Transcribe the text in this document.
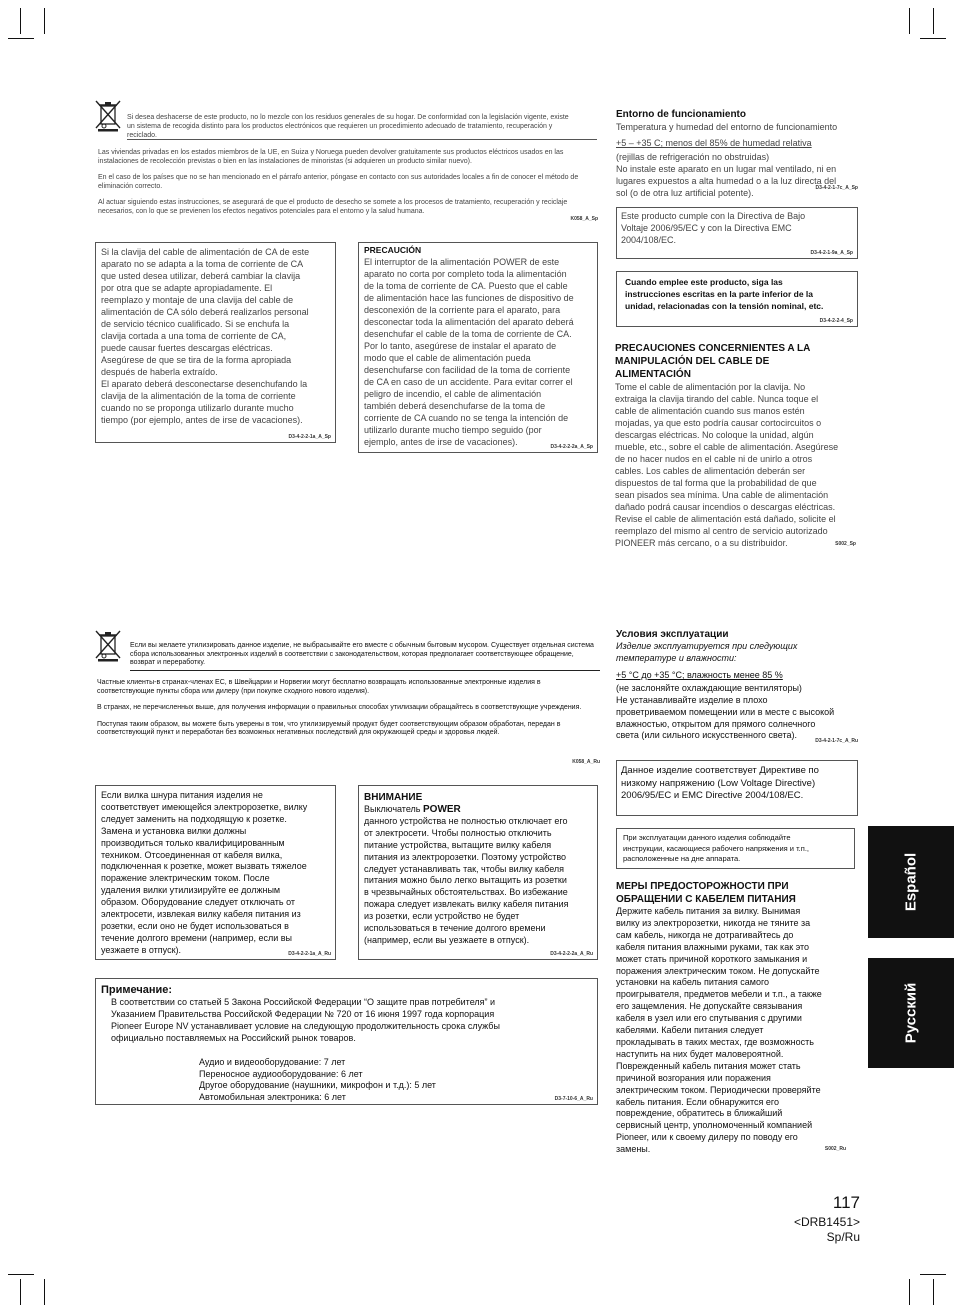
Si desea deshacerse de este producto, no lo mezcle con los residuos generales de su hogar. De conformidad con la legislación vigente, existe un sistema de recogida distinto para los productos electrónicos que requieren un procedimiento adecuado de tratamiento, recuperación y reciclado.

Las viviendas privadas en los estados miembros de la UE, en Suiza y Noruega pueden devolver gratuitamente sus productos eléctricos usados en las instalaciones de recolección previstas o bien en las instalaciones de minoristas (si adquieren un producto similar nuevo).

En el caso de los países que no se han mencionado en el párrafo anterior, póngase en contacto con sus autoridades locales a fin de conocer el método de eliminación correcto.

Al actuar siguiendo estas instrucciones, se asegurará de que el producto de desecho se somete a los procesos de tratamiento, recuperación y reciclaje necesarios, con lo que se previenen los efectos negativos potenciales para el entorno y la salud humana.

K058_A_Sp

Si la clavija del cable de alimentación de CA de este
aparato no se adapta a la toma de corriente de CA
que usted desea utilizar, deberá cambiar la clavija
por otra que se adapte apropiadamente. El
reemplazo y montaje de una clavija del cable de
alimentación de CA sólo deberá realizarlos personal
de servicio técnico cualificado. Si se enchufa la
clavija cortada a una toma de corriente de CA,
puede causar fuertes descargas eléctricas.
Asegúrese de que se tira de la forma apropiada
después de haberla extraído.
El aparato deberá desconectarse desenchufando la
clavija de la alimentación de la toma de corriente
cuando no se proponga utilizarlo durante mucho
tiempo (por ejemplo, antes de irse de vacaciones).

D3-4-2-2-1a_A_Sp
PRECAUCIÓN

El interruptor de la alimentación POWER de este
aparato no corta por completo toda la alimentación
de la toma de corriente de CA. Puesto que el cable
de alimentación hace las funciones de dispositivo de
desconexión de la corriente para el aparato, para
desconectar toda la alimentación del aparato deberá
desenchufar el cable de la toma de corriente de CA.
Por lo tanto, asegúrese de instalar el aparato de
modo que el cable de alimentación pueda
desenchufarse con facilidad de la toma de corriente
de CA en caso de un accidente. Para evitar correr el
peligro de incendio, el cable de alimentación
también deberá desenchufarse de la toma de
corriente de CA cuando no se tenga la intención de
utilizarlo durante mucho tiempo seguido (por
ejemplo, antes de irse de vacaciones).	D3-4-2-2-2a_A_Sp
Entorno de funcionamiento
Temperatura y humedad del entorno de funcionamiento
+5 – +35 C; menos del 85% de humedad relativa

(rejillas de refrigeración no obstruidas)
No instale este aparato en un lugar mal ventilado, ni en
lugares expuestos a alta humedad o a la luz directa del
sol (o de otra luz artificial potente).	D3-4-2-1-7c_A_Sp

Este producto cumple con la Directiva de Bajo
Voltaje 2006/95/EC y con la Directiva EMC
2004/108/EC.

D3-4-2-1-9a_A_Sp

Cuando emplee este producto, siga las
instrucciones escritas en la parte inferior de la
unidad, relacionadas con la tensión nominal, etc.

D3-4-2-2-4_Sp

PRECAUCIONES CONCERNIENTES A LA
MANIPULACIÓN DEL CABLE DE
ALIMENTACIÓN

Tome el cable de alimentación por la clavija. No
extraiga la clavija tirando del cable. Nunca toque el
cable de alimentación cuando sus manos estén
mojadas, ya que esto podría causar cortocircuitos o
descargas eléctricas. No coloque la unidad, algún
mueble, etc., sobre el cable de alimentación. Asegúrese
de no hacer nudos en el cable ni de unirlo a otros
cables. Los cables de alimentación deberán ser
dispuestos de tal forma que la probabilidad de que
sean pisados sea mínima. Una cable de alimentación
dañado podrá causar incendios o descargas eléctricas.
Revise el cable de alimentación está dañado, solicite el
reemplazo del mismo al centro de servicio autorizado
PIONEER más cercano, o a su distribuidor.	S002_Sp

Если вы желаете утилизировать данное изделие, не выбрасывайте его вместе с обычным бытовым мусором. Существует отдельная система сбора использованных электронных изделий в соответствии с законодательством, которая предполагает соответствующее обращение, возврат и переработку.

Частные клиенты-в странах-членах ЕС, в Швейцарии и Норвегии могут бесплатно возвращать использованные электронные изделия в соответствующие пункты сбора или дилеру (при покупке сходного нового изделия).

В странах, не перечисленных выше, для получения информации о правильных способах утилизации обращайтесь в соответствующие учреждения.

Поступая таким образом, вы можете быть уверены в том, что утилизируемый продукт будет соответствующим образом обработан, передан в соответствующий пункт и переработан без возможных негативных последствий для окружающей среды и здоровья людей.

K058_A_Ru

Если вилка шнура питания изделия не
соответствует имеющейся электророзетке, вилку
следует заменить на подходящую к розетке.
Замена и установка вилки должны
производиться только квалифицированным
техником. Отсоединенная от кабеля вилка,
подключенная к розетке, может вызвать тяжелое
поражение электрическим током. После
удаления вилки утилизируйте ее должным
образом. Оборудование следует отключать от
электросети, извлекая вилку кабеля питания из
розетки, если оно не будет использоваться в
течение долгого времени (например, если вы
уезжаете в отпуск).	D3-4-2-2-1a_A_Ru
ВНИМАНИЕ
Выключатель POWER

данного устройства не полностью отключает его
от электросети. Чтобы полностью отключить
питание устройства, вытащите вилку кабеля
питания из электророзетки. Поэтому устройство
следует устанавливать так, чтобы вилку кабеля
питания можно было легко вытащить из розетки
в чрезвычайных обстоятельствах. Во избежание
пожара следует извлекать вилку кабеля питания
из розетки, если устройство не будет
использоваться в течение долгого времени
(например, если вы уезжаете в отпуск).

D3-4-2-2-2a_A_Ru
Условия эксплуатации

Изделие эксплуатируется при следующих
температуре и влажности:

+5 °C до +35 °C; влажность менее 85 %

(не заслоняйте охлаждающие вентиляторы)
Не устанавливайте изделие в плохо
проветриваемом помещении или в месте с высокой
влажностью, открытом для прямого солнечного
света (или сильного искусственного света).

D3-4-2-1-7c_A_Ru

Данное изделие соответствует Директиве по
низкому напряжению (Low Voltage Directive)
2006/95/EC и EMC Directive 2004/108/EC.

При эксплуатации данного изделия соблюдайте
инструкции, касающиеся рабочего напряжения и т.п.,
расположенные на дне аппарата.

МЕРЫ ПРЕДОСТОРОЖНОСТИ ПРИ
ОБРАЩЕНИИ С КАБЕЛЕМ ПИТАНИЯ

Держите кабель питания за вилку. Вынимая
вилку из электророзетки, никогда не тяните за
сам кабель, никогда не дотрагивайтесь до
кабеля питания влажными руками, так как это
может стать причиной короткого замыкания и
поражения электрическим током. Не допускайте
установки на кабель питания самого
проигрывателя, предметов мебели и т.п., а также
его защемления. Не допускайте связывания
кабеля в узел или его спутывания с другими
кабелями. Кабели питания следует
прокладывать в таких местах, где возможность
наступить на них будет маловероятной.
Поврежденный кабель питания может стать
причиной возгорания или поражения
электрическим током. Периодически проверяйте
кабель питания. Если обнаружится его
повреждение, обратитесь в ближайший
сервисный центр, уполномоченный компанией
Pioneer, или к своему дилеру по поводу его
замены.	S002_Ru
Примечание:

В соответствии со статьей 5 Закона Российской Федерации “О защите прав потребителя” и
Указанием Правительства Российской Федерации № 720 от 16 июня 1997 года корпорация
Pioneer Europe NV устанавливает условие на следующую продолжительность срока службы
официально поставляемых на Российский рынок товаров.

Аудио и видеооборудование: 7 лет
Переносное аудиооборудование: 6 лет
Другое оборудование (наушники, микрофон и т.д.): 5 лет
Автомобильная электроника: 6 лет	D3-7-10-6_A_Ru
Español
Русский
117
<DRB1451>
Sp/Ru
